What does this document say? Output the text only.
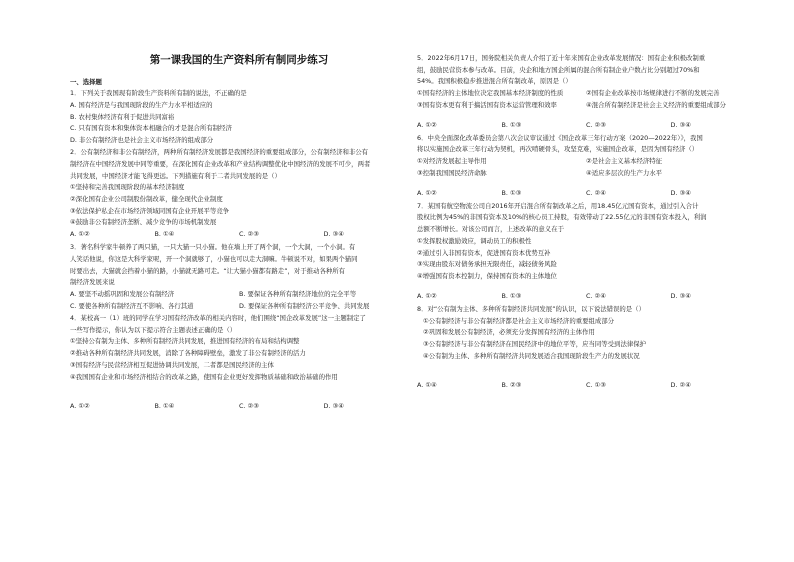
第一课我国的生产资料所有制同步练习
一、选择题
1．下列关于我国现有阶段生产资料所有制的说法，不正确的是
A. 国有经济是与我国现阶段的生产力水平相适应的
B. 农村集体经济有利于促进共同富裕
C. 只有国有资本和集体资本相融合的才是混合所有制经济
D. 非公有制经济也是社会主义市场经济的组成部分
2．公有制经济和非公有制经济，两种所有制经济发展都是我国经济的重要组成部分，公有制经济和非公有
制经济在中国经济发展中同等重要，在深化国有企业改革和产业结构调整优化中国经济的发展不可少，两者
共同发展，中国经济才能飞得更远。下列措施有利于二者共同发展的是（）
①坚持和完善我国现阶段的基本经济制度
②深化国有企业公司制股份制改革，健全现代企业制度
③依法保护私企在市场经济领域同国有企业开展平等竞争
④鼓励非公有制经济垄断、减少竞争的市场机制发展
A. ①②	B. ①④	C. ②③	D. ③④
3．著名科学家牛顿养了两只猫，一只大猫一只小猫。他在墙上开了两个洞，一个大洞，一个小洞。有
人笑话他说，你这是大科学家呢，开一个洞就够了，小猫也可以走大洞嘛。牛顿说不对，如果两个猫同
时要出去，大猫就会挡着小猫的路，小猫就无路可走。“让大猫小猫都有路走”，对于推动各种所有
制经济发展来说
A. 要坚不动摇巩固和发展公有制经济	B. 要保证各种所有制经济地位的完全平等
C. 要使各种所有制经济互不影响、各行其道	D. 要保证各种所有制经济公平竞争、共同发展
4．某校高一（1）班的同学在学习国有经济改革的相关内容时，他们围绕“国企改革发展”这一主题制定了
一些写作提示，你认为以下提示符合主题表述正确的是（）
①坚持公有制为主体、多种所有制经济共同发展，推进国有经济的布局和结构调整
②推动各种所有制经济共同发展，消除了各种障碍壁垒，激发了非公有制经济的活力
③国有经济与民营经济相互促进协调共同发展，二者都是国民经济的主体
④我国国有企业和市场经济相结合的改革之路，使国有企业更好发挥物质基础和政治基础的作用
A. ①②	B. ①④	C. ②③	D. ③④
5．2022年6月17日，国务院相关负责人介绍了近十年来国有企业改革发展情况：国有企业积极改制重
组，鼓励民营资本参与改革。目前，央企和地方国企所属的混合所有制企业户数占比分别超过70%和
54%。我国积极稳步推进混合所有制改革，原因是（）
①国有经济的主体地位决定我国基本经济制度的性质	②国有企业改革按市场规律进行不断的发展完善
③国有资本更有利于搞活国有资本运营管理和效率	④混合所有制经济是社会主义经济的重要组成部分
A. ①②	B. ①③	C. ②③	D. ③④
6．中央全面深化改革委员会第八次会议审议通过《国企改革三年行动方案（2020—2022年）》，我国
将以实施国企改革三年行动为契机，再次啃硬骨头，攻坚克难，实施国企改革，是因为国有经济（）
①对经济发展起主导作用	②是社会主义基本经济特征
③控制我国国民经济命脉	④适应多层次的生产力水平
A. ①②	B. ①③	C. ②④	D. ③④
7．某国有航空物流公司自2016年开启混合所有制改革之后，用18.45亿元国有资本，通过引入合计
股权比例为45%的非国有资本及10%的核心员工持股，有效带动了22.55亿元的非国有资本投入，利润
总额不断增长。对该公司而言，上述改革的意义在于
①发挥股权激励效应，调动员工的积极性
②通过引入非国有资本，促进国有资本优势互补
③实现由股东对债务承担无限责任，减轻债务风险
④增强国有资本控制力，保持国有资本的主体地位
A. ①②	B. ①③	C. ②④	D. ③④
8．对“公有制为主体、多种所有制经济共同发展”的认识，以下说法错误的是（）
①公有制经济与非公有制经济都是社会主义市场经济的重要组成部分
②巩固和发展公有制经济，必须充分发挥国有经济的主体作用
③公有制经济与非公有制经济在国民经济中的地位平等，应当同等受到法律保护
④公有制为主体、多种所有制经济共同发展适合我国现阶段生产力的发展状况
A. ①④	B. ②③	C. ①③	D. ②④
